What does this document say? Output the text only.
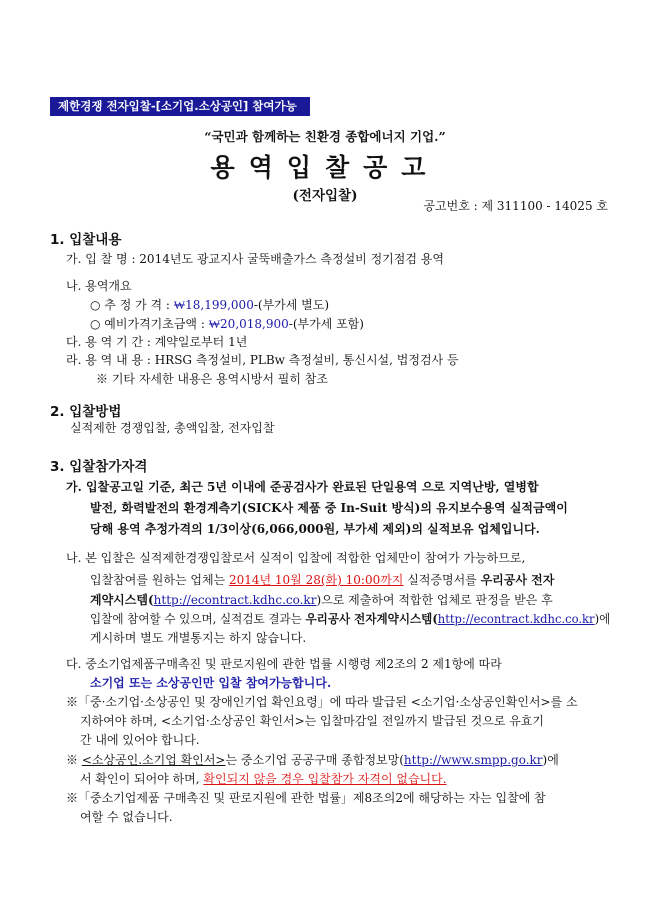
제한경쟁 전자입찰-[소기업.소상공인] 참여가능
“국민과 함께하는 친환경 종합에너지 기업.”
용역입찰공고
(전자입찰)
공고번호 : 제 311100 - 14025 호
1. 입찰내용
가. 입 찰 명 : 2014년도 광교지사 굴뚝배출가스 측정설비 정기점검 용역
나. 용역개요
○ 추 정 가 격 : ₩18,199,000-(부가세 별도)
○ 예비가격기초금액 : ₩20,018,900-(부가세 포함)
다. 용 역 기 간 : 계약일로부터 1년
라. 용 역 내 용 : HRSG 측정설비, PLBw 측정설비, 통신시설, 법정검사 등
※ 기타 자세한 내용은 용역시방서 필히 참조
2. 입찰방법
실적제한 경쟁입찰, 총액입찰, 전자입찰
3. 입찰참가자격
가. 입찰공고일 기준, 최근 5년 이내에 준공검사가 완료된 단일용역 으로 지역난방, 열병합
발전, 화력발전의 환경계측기(SICK사 제품 중 In-Suit 방식)의 유지보수용역 실적금액이
당해 용역 추정가격의 1/3이상(6,066,000원, 부가세 제외)의 실적보유 업체입니다.
나. 본 입찰은 실적제한경쟁입찰로서 실적이 입찰에 적합한 업체만이 참여가 가능하므로,
입찰참여를 원하는 업체는 2014년 10월 28(화) 10:00까지 실적증명서를 우리공사 전자
계약시스템(http://econtract.kdhc.co.kr)으로 제출하여 적합한 업체로 판정을 받은 후
입찰에 참여할 수 있으며, 실적검토 결과는 우리공사 전자계약시스템(http://econtract.kdhc.co.kr)에
게시하며 별도 개별통지는 하지 않습니다.
다. 중소기업제품구매촉진 및 판로지원에 관한 법률 시행령 제2조의 2 제1항에 따라
소기업 또는 소상공인만 입찰 참여가능합니다.
※「중·소기업·소상공인 및 장애인기업 확인요령」에 따라 발급된 <소기업·소상공인확인서>를 소
지하여야 하며, <소기업·소상공인 확인서>는 입찰마감일 전일까지 발급된 것으로 유효기
간 내에 있어야 합니다.
※ <소상공인.소기업 확인서>는 중소기업 공공구매 종합정보망(http://www.smpp.go.kr)에
서 확인이 되어야 하며, 확인되지 않을 경우 입찰참가 자격이 없습니다.
※「중소기업제품 구매촉진 및 판로지원에 관한 법률」제8조의2에 해당하는 자는 입찰에 참
여할 수 없습니다.
